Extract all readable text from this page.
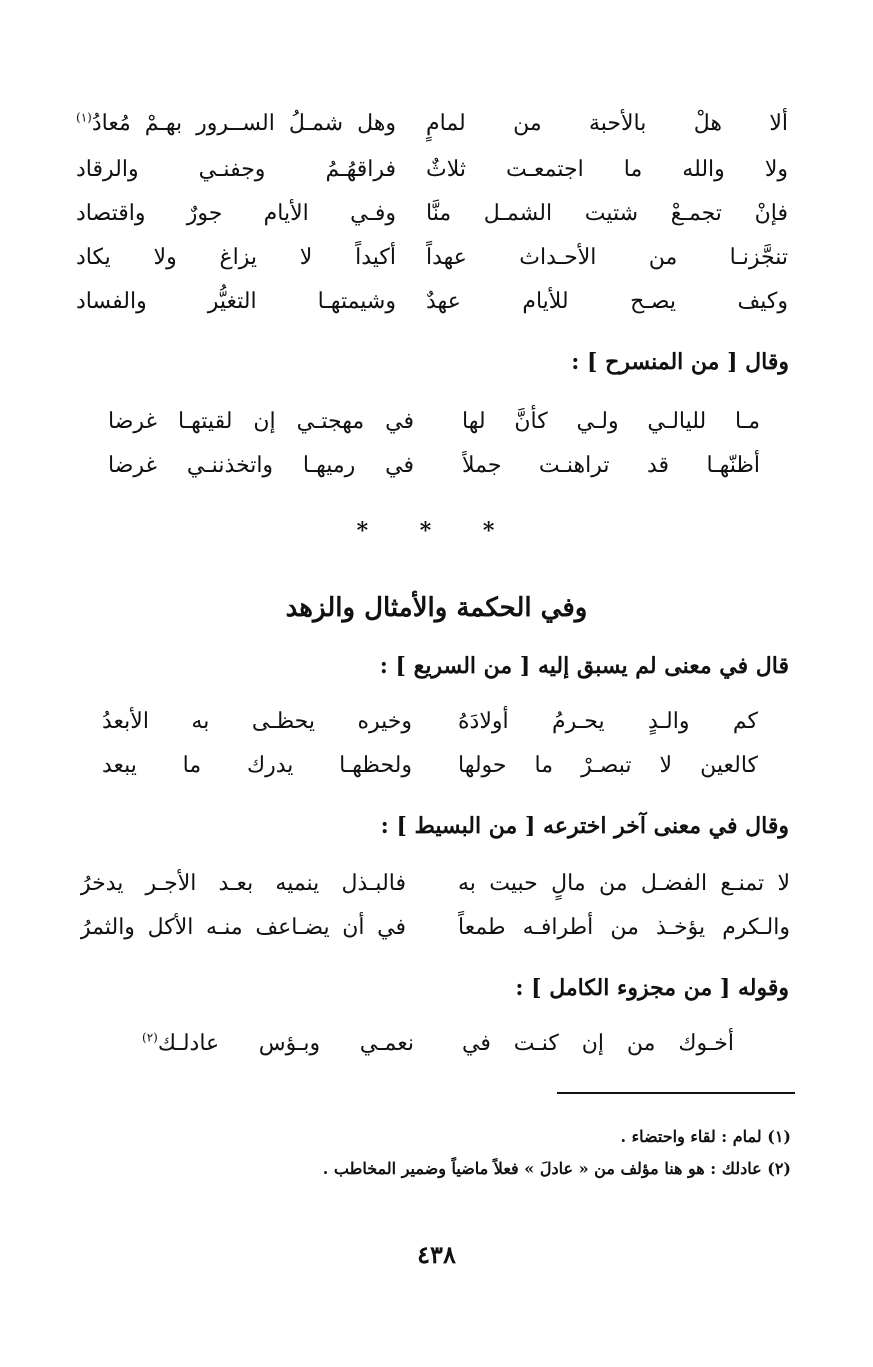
ألا هلْ بالأحبة من لمامٍ
وهل شمـلُ الســرور بهـمْ مُعادُ$^{(١)}$
ولا والله ما اجتمعـت ثلاثٌ
فراقهُـمُ وجفنـي والرقاد
فإنْ تجمـعْ شتيت الشمـل منَّا
وفـي الأيام جورٌ واقتصاد
تنجَّزنـا من الأحـداث عهداً
أكيداً لا يزاغ ولا يكاد
وكيف يصـح للأيام عهدٌ
وشيمتهـا التغيُّر والفساد
وقال [ من المنسرح ] :
مـا لليالـي ولـي كأنَّ لها
في مهجتـي إن لقيتهـا غرضا
أظنّهـا قد تراهنـت جملاً
في رميهـا واتخذننـي غرضا
* * *
وفي الحكمة والأمثال والزهد
قال في معنى لم يسبق إليه [ من السريع ] :
كم والـدٍ يحـرمُ أولادَهُ
وخيره يحظـى به الأبعدُ
كالعين لا تبصـرْ ما حولها
ولحظهـا يدرك ما يبعد
وقال في معنى آخر اخترعه [ من البسيط ] :
لا تمنـع الفضـل من مالٍ حبيت به
فالبـذل ينميه بعـد الأجـر يدخرُ
والـكرم يؤخـذ من أطرافـه طمعاً
في أن يضـاعف منـه الأكل والثمرُ
وقوله [ من مجزوء الكامل ] :
أخـوك من إن كنـت في
نعمـي وبـؤس عادلـك$^{(٢)}$
(١) لمام : لقاء واحتضاء .
(٢) عادلك : هو هنا مؤلف من « عادلَ » فعلاً ماضياً وضمير المخاطب .
٤٣٨
